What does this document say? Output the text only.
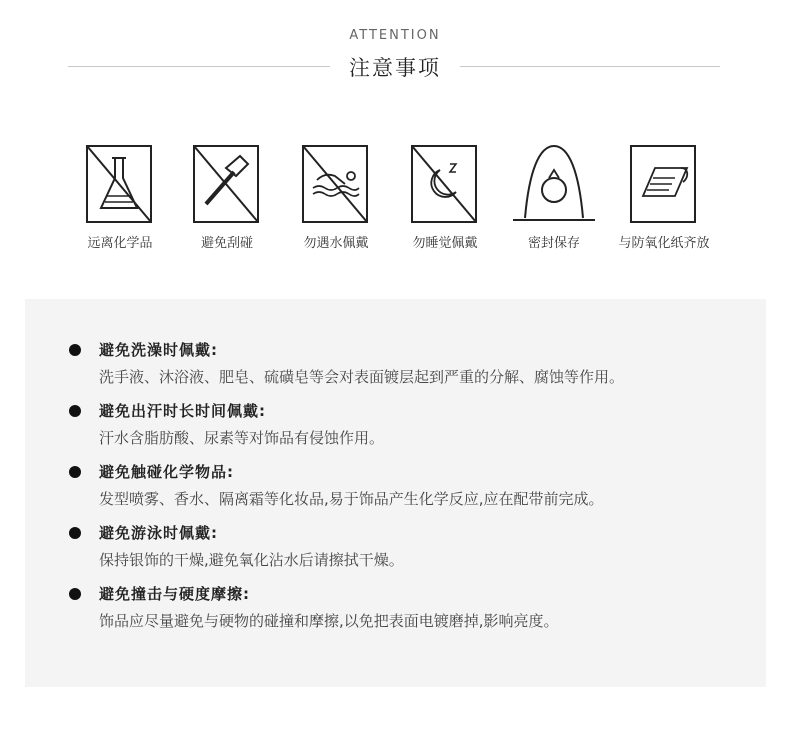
ATTENTION
注意事项
远离化学品	避免刮碰	勿遇水佩戴	勿睡觉佩戴	密封保存	与防氧化纸齐放
避免洗澡时佩戴:
洗手液、沐浴液、肥皂、硫磺皂等会对表面镀层起到严重的分解、腐蚀等作用。
避免出汗时长时间佩戴:
汗水含脂肪酸、尿素等对饰品有侵蚀作用。
避免触碰化学物品:
发型喷雾、香水、隔离霜等化妆品,易于饰品产生化学反应,应在配带前完成。
避免游泳时佩戴:
保持银饰的干燥,避免氧化沾水后请擦拭干燥。
避免撞击与硬度摩擦:
饰品应尽量避免与硬物的碰撞和摩擦,以免把表面电镀磨掉,影响亮度。
